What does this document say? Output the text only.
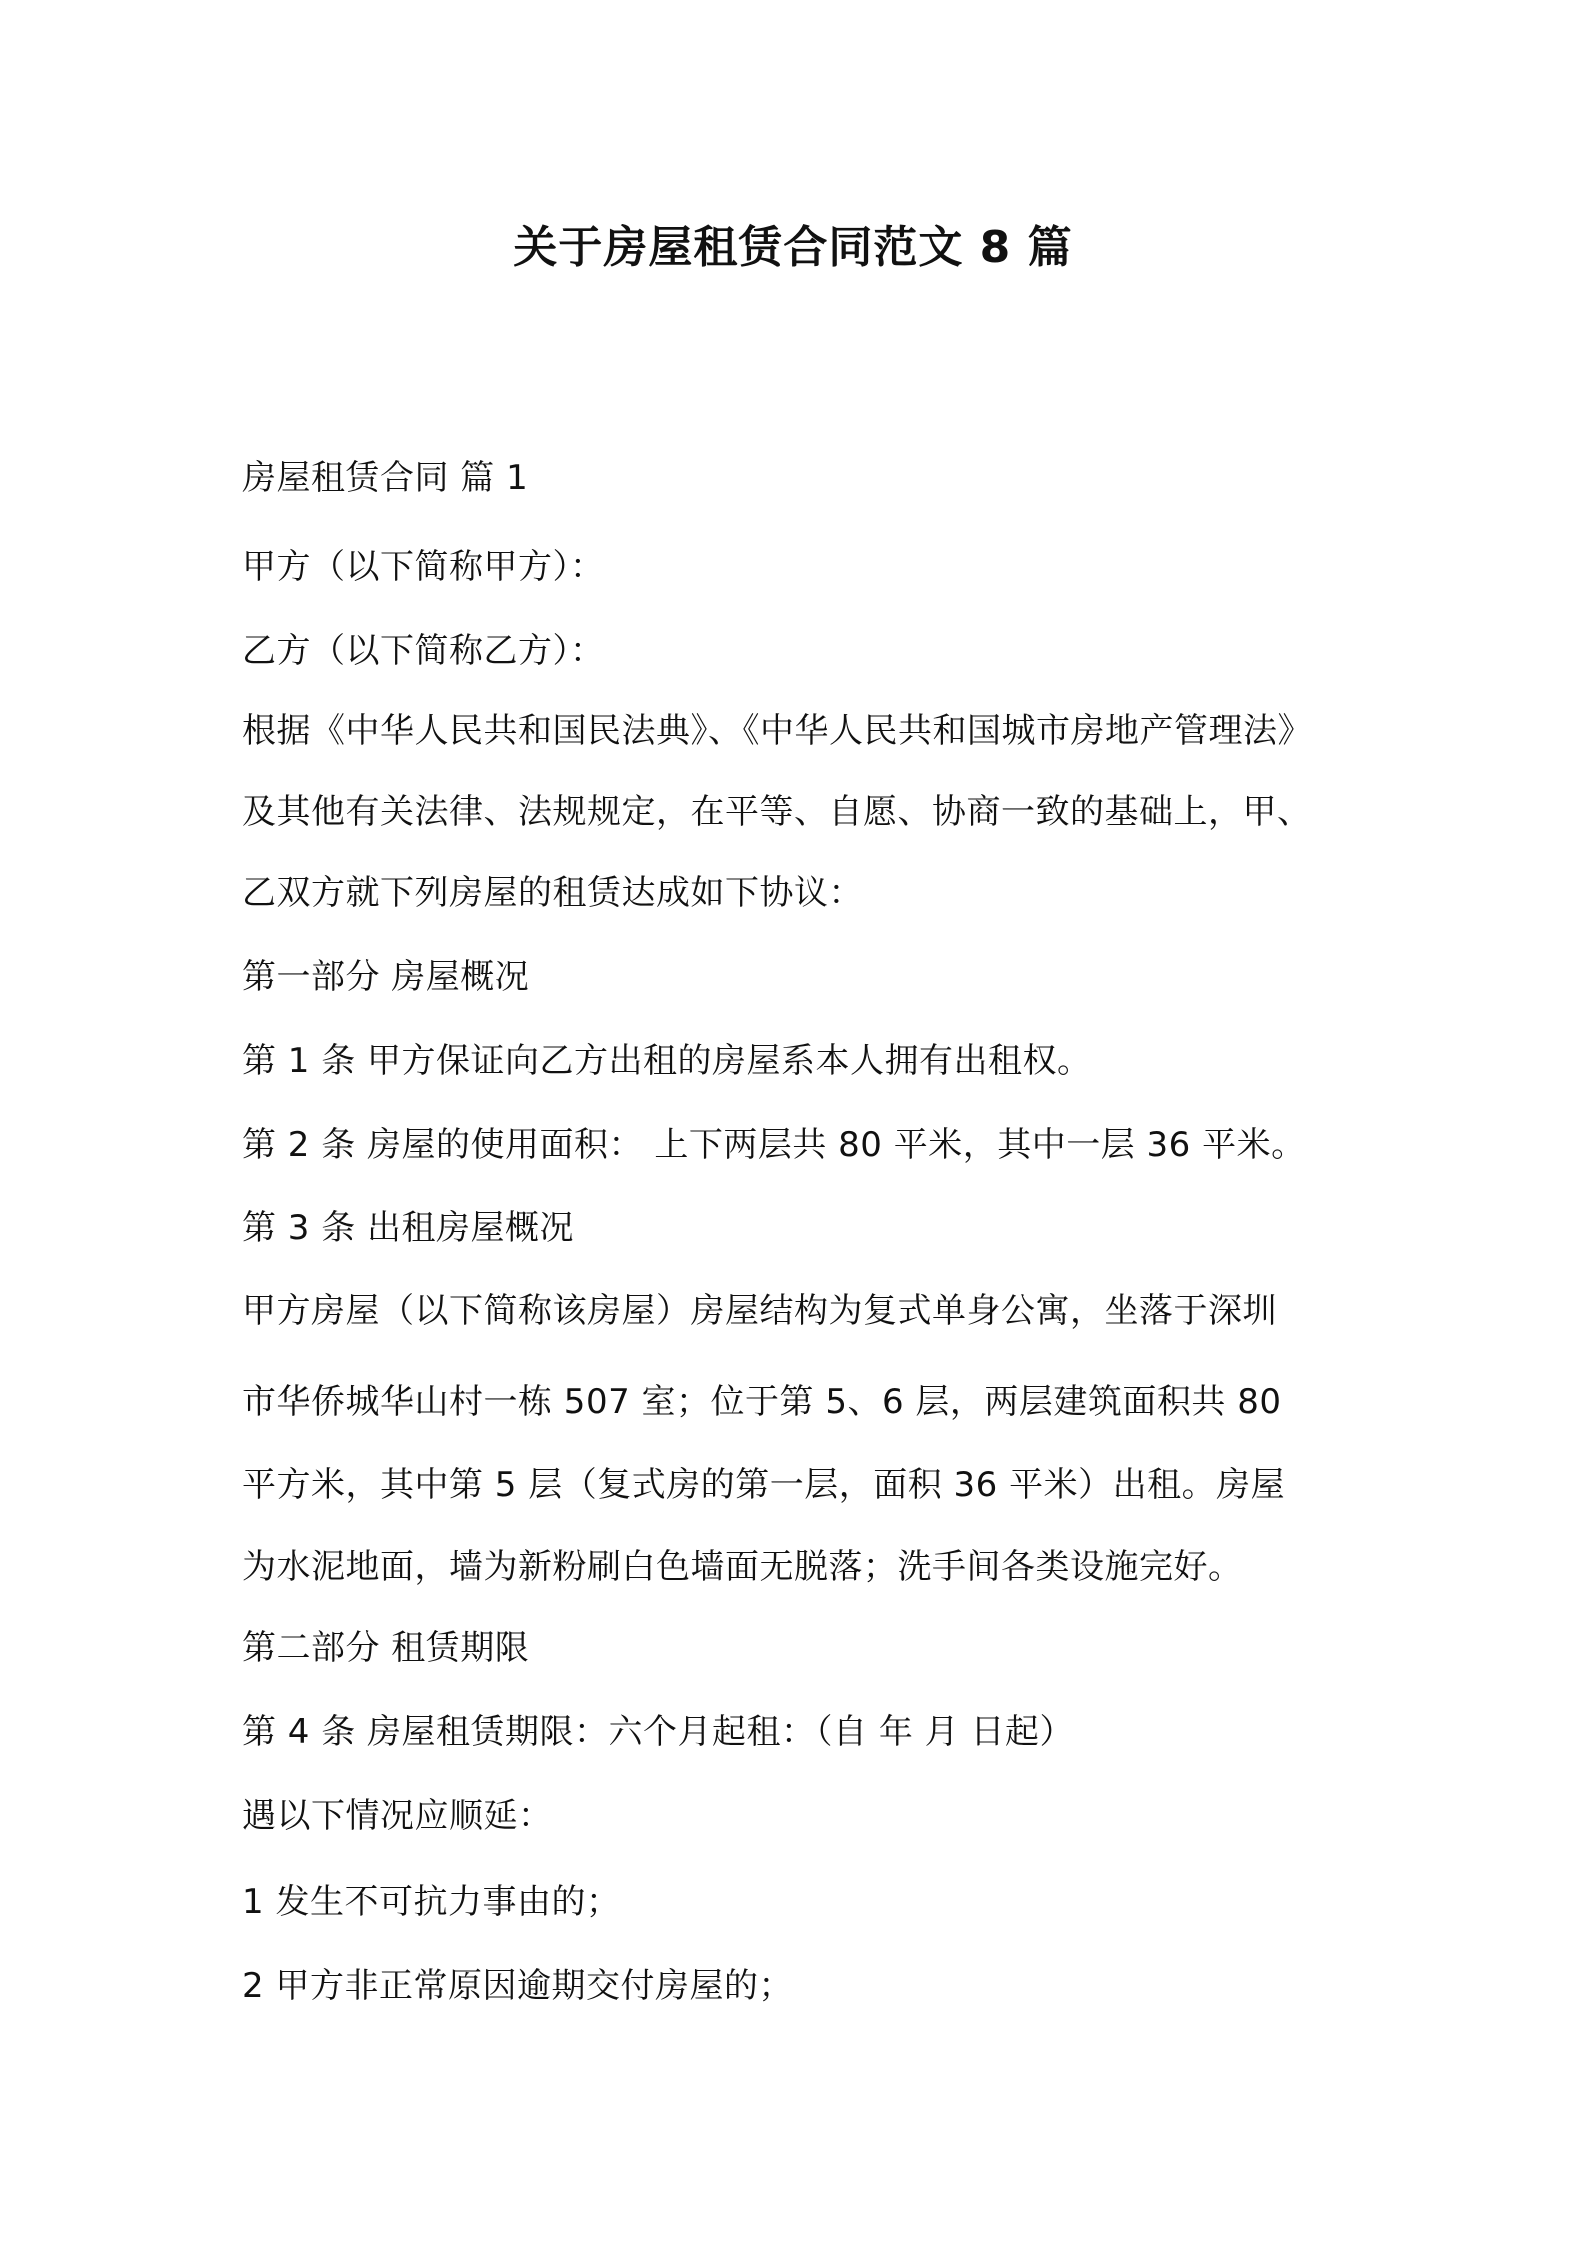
关于房屋租赁合同范文 8 篇
房屋租赁合同 篇 1
甲方（以下简称甲方）：
乙方（以下简称乙方）：
根据《中华人民共和国民法典》、《中华人民共和国城市房地产管理法》
及其他有关法律、法规规定，在平等、自愿、协商一致的基础上，甲、
乙双方就下列房屋的租赁达成如下协议：
第一部分 房屋概况
第 1 条 甲方保证向乙方出租的房屋系本人拥有出租权。
第 2 条 房屋的使用面积： 上下两层共 80 平米，其中一层 36 平米。
第 3 条 出租房屋概况
甲方房屋（以下简称该房屋）房屋结构为复式单身公寓，坐落于深圳
市华侨城华山村一栋 507 室；位于第 5、6 层，两层建筑面积共 80
平方米，其中第 5 层（复式房的第一层，面积 36 平米）出租。房屋
为水泥地面，墙为新粉刷白色墙面无脱落；洗手间各类设施完好。
第二部分 租赁期限
第 4 条 房屋租赁期限：六个月起租：（自 年 月 日起）
遇以下情况应顺延：
1 发生不可抗力事由的；
2 甲方非正常原因逾期交付房屋的；
